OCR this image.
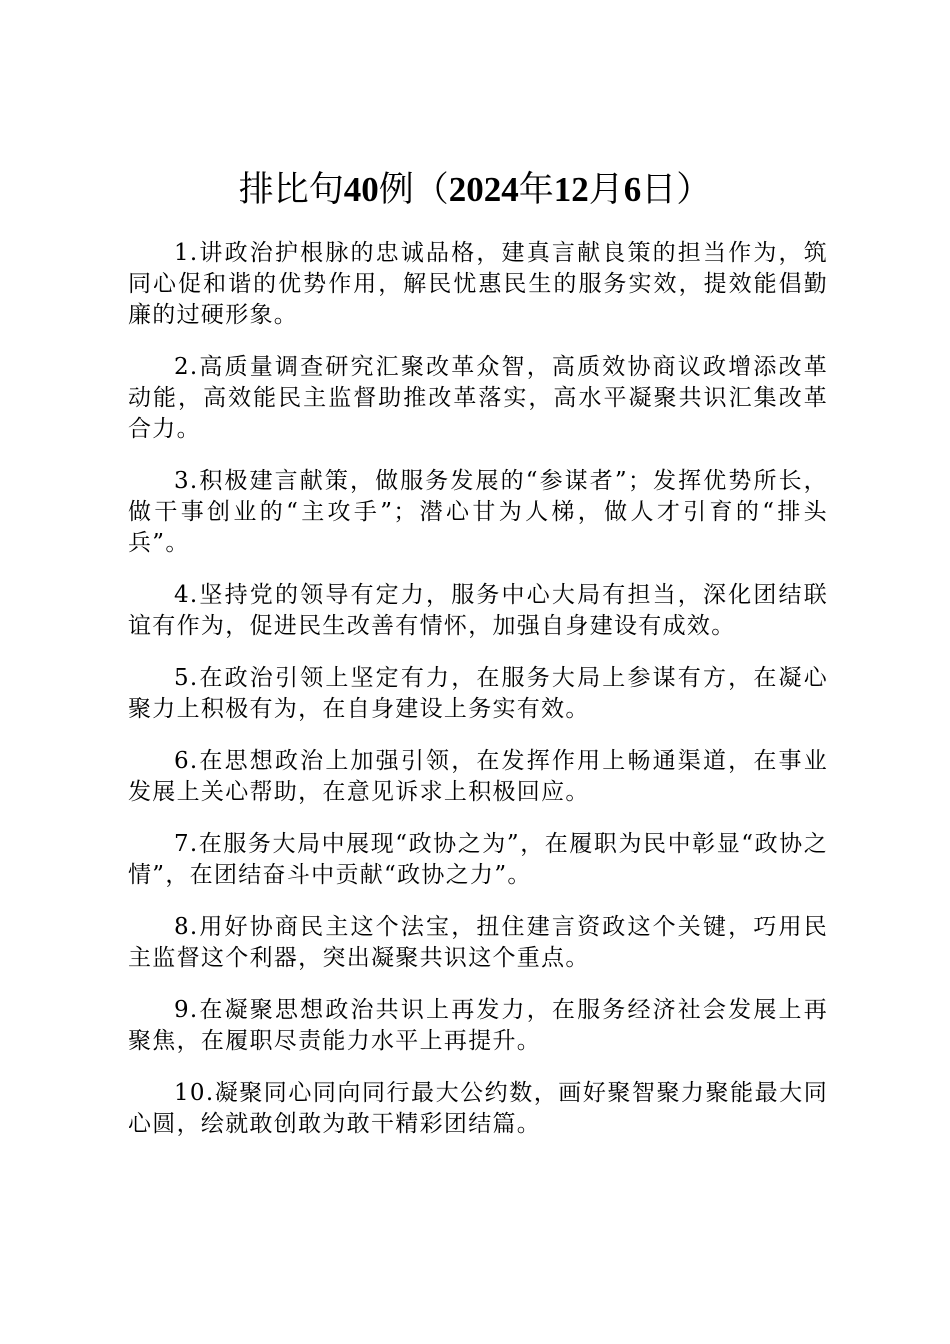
排比句40例（2024年12月6日）

1.讲政治护根脉的忠诚品格，建真言献良策的担当作为，筑同心促和谐的优势作用，解民忧惠民生的服务实效，提效能倡勤廉的过硬形象。

2.高质量调查研究汇聚改革众智，高质效协商议政增添改革动能，高效能民主监督助推改革落实，高水平凝聚共识汇集改革合力。

3.积极建言献策，做服务发展的“参谋者”；发挥优势所长，做干事创业的“主攻手”；潜心甘为人梯，做人才引育的“排头兵”。

4.坚持党的领导有定力，服务中心大局有担当，深化团结联谊有作为，促进民生改善有情怀，加强自身建设有成效。

5.在政治引领上坚定有力，在服务大局上参谋有方，在凝心聚力上积极有为，在自身建设上务实有效。

6.在思想政治上加强引领，在发挥作用上畅通渠道，在事业发展上关心帮助，在意见诉求上积极回应。

7.在服务大局中展现“政协之为”，在履职为民中彰显“政协之情”，在团结奋斗中贡献“政协之力”。

8.用好协商民主这个法宝，扭住建言资政这个关键，巧用民主监督这个利器，突出凝聚共识这个重点。

9.在凝聚思想政治共识上再发力，在服务经济社会发展上再聚焦，在履职尽责能力水平上再提升。

10.凝聚同心同向同行最大公约数，画好聚智聚力聚能最大同心圆，绘就敢创敢为敢干精彩团结篇。
